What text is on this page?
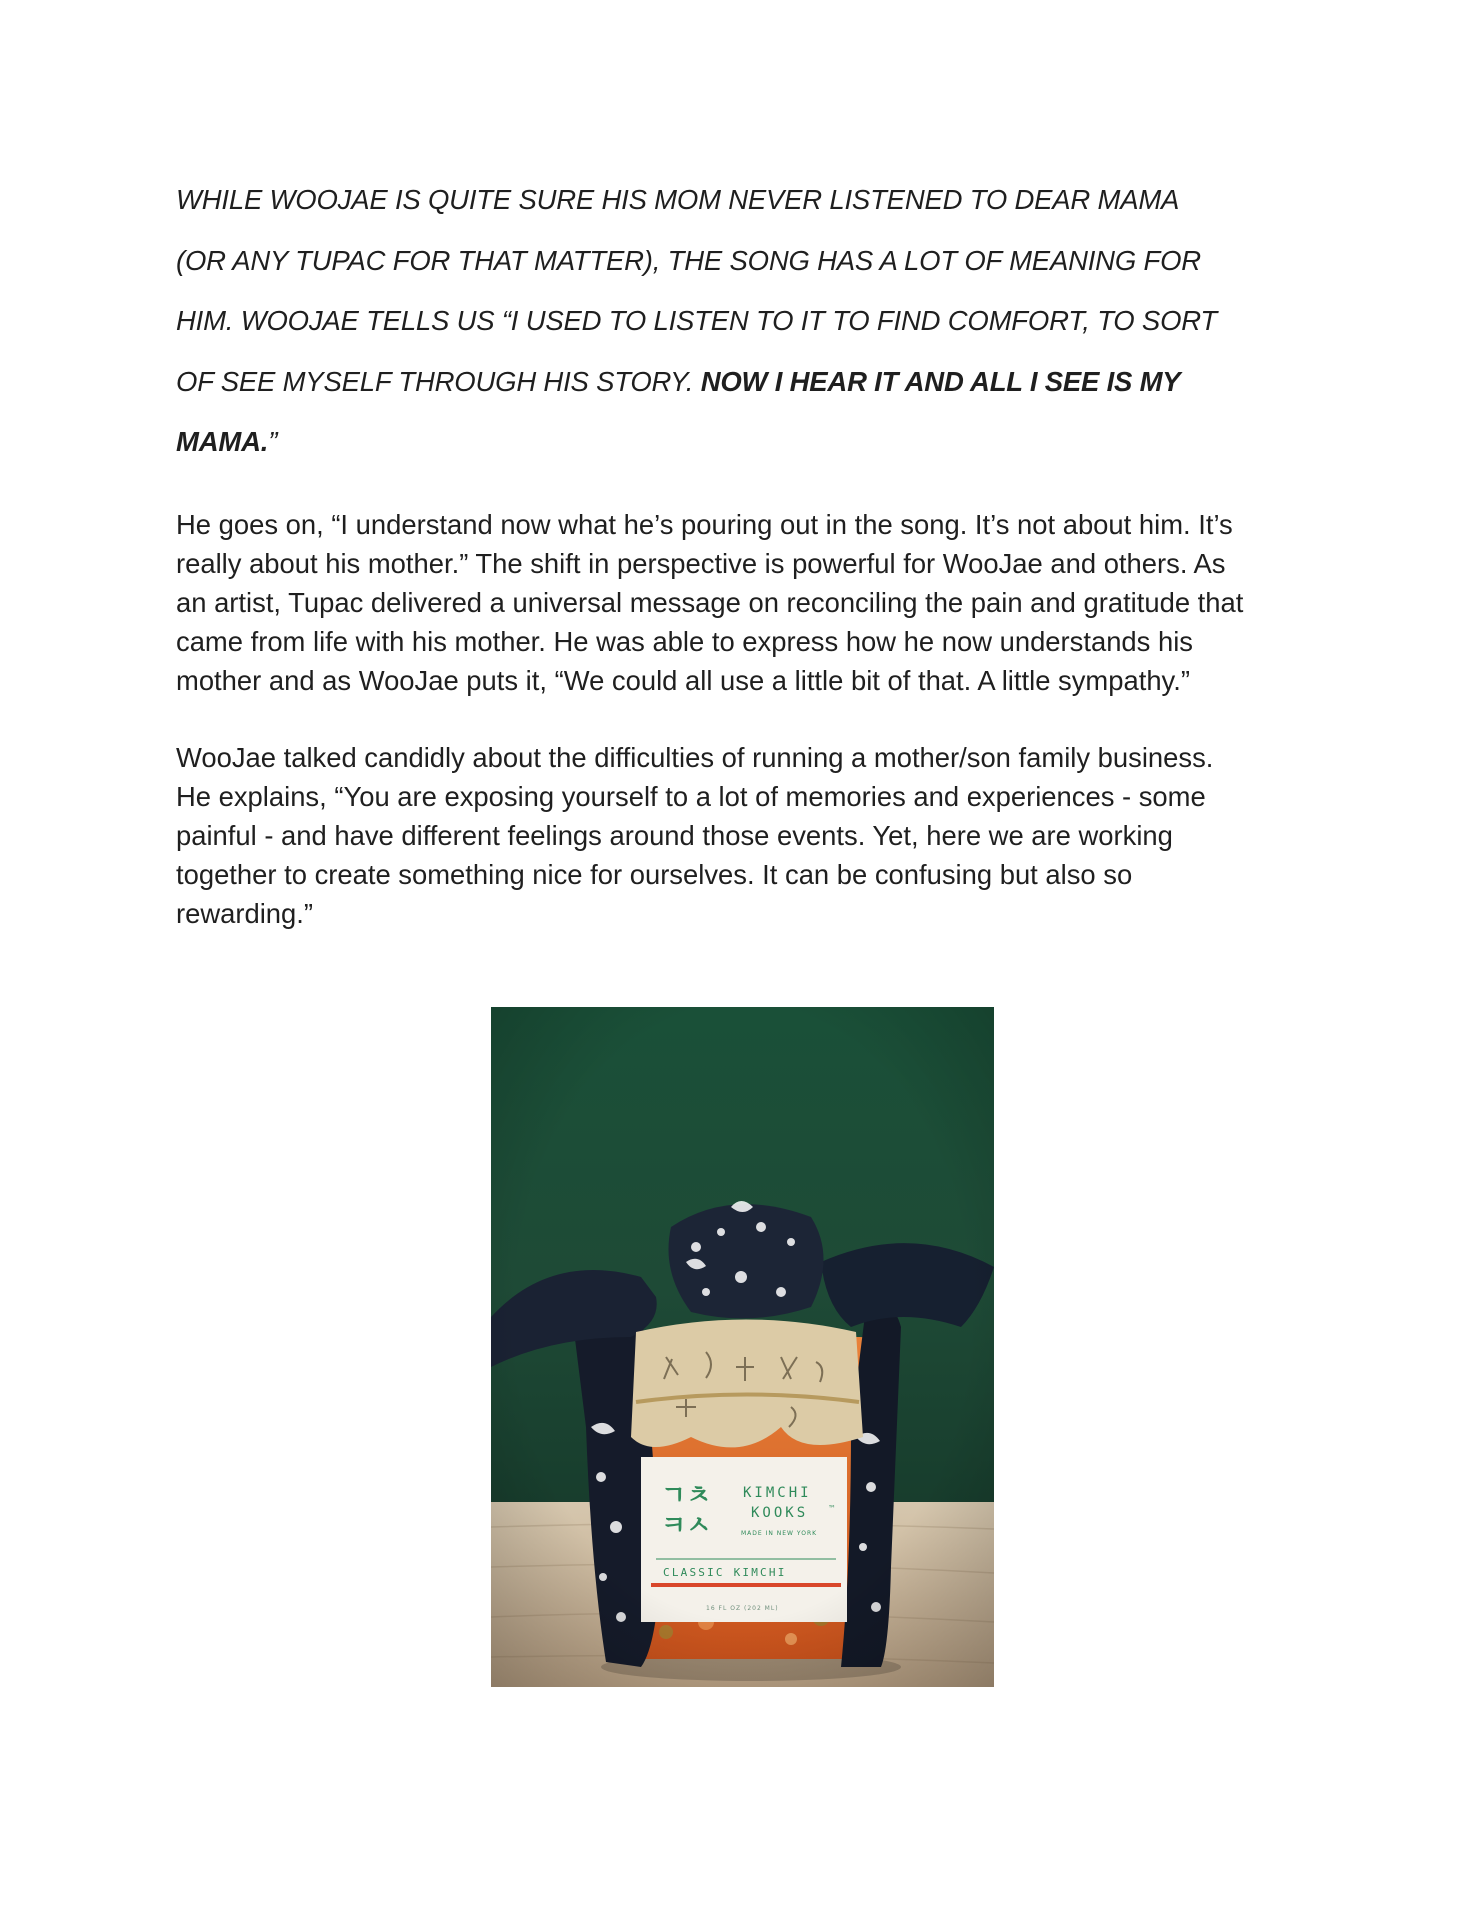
WHILE WOOJAE IS QUITE SURE HIS MOM NEVER LISTENED TO DEAR MAMA
(OR ANY TUPAC FOR THAT MATTER), THE SONG HAS A LOT OF MEANING FOR
HIM. WOOJAE TELLS US “I USED TO LISTEN TO IT TO FIND COMFORT, TO SORT
OF SEE MYSELF THROUGH HIS STORY. NOW I HEAR IT AND ALL I SEE IS MY
MAMA.”

He goes on, “I understand now what he’s pouring out in the song. It’s not about him. It’s
really about his mother.” The shift in perspective is powerful for WooJae and others. As
an artist, Tupac delivered a universal message on reconciling the pain and gratitude that
came from life with his mother. He was able to express how he now understands his
mother and as WooJae puts it, “We could all use a little bit of that. A little sympathy.”

WooJae talked candidly about the difficulties of running a mother/son family business.
He explains, “You are exposing yourself to a lot of memories and experiences - some
painful - and have different feelings around those events. Yet, here we are working
together to create something nice for ourselves. It can be confusing but also so
rewarding.”
